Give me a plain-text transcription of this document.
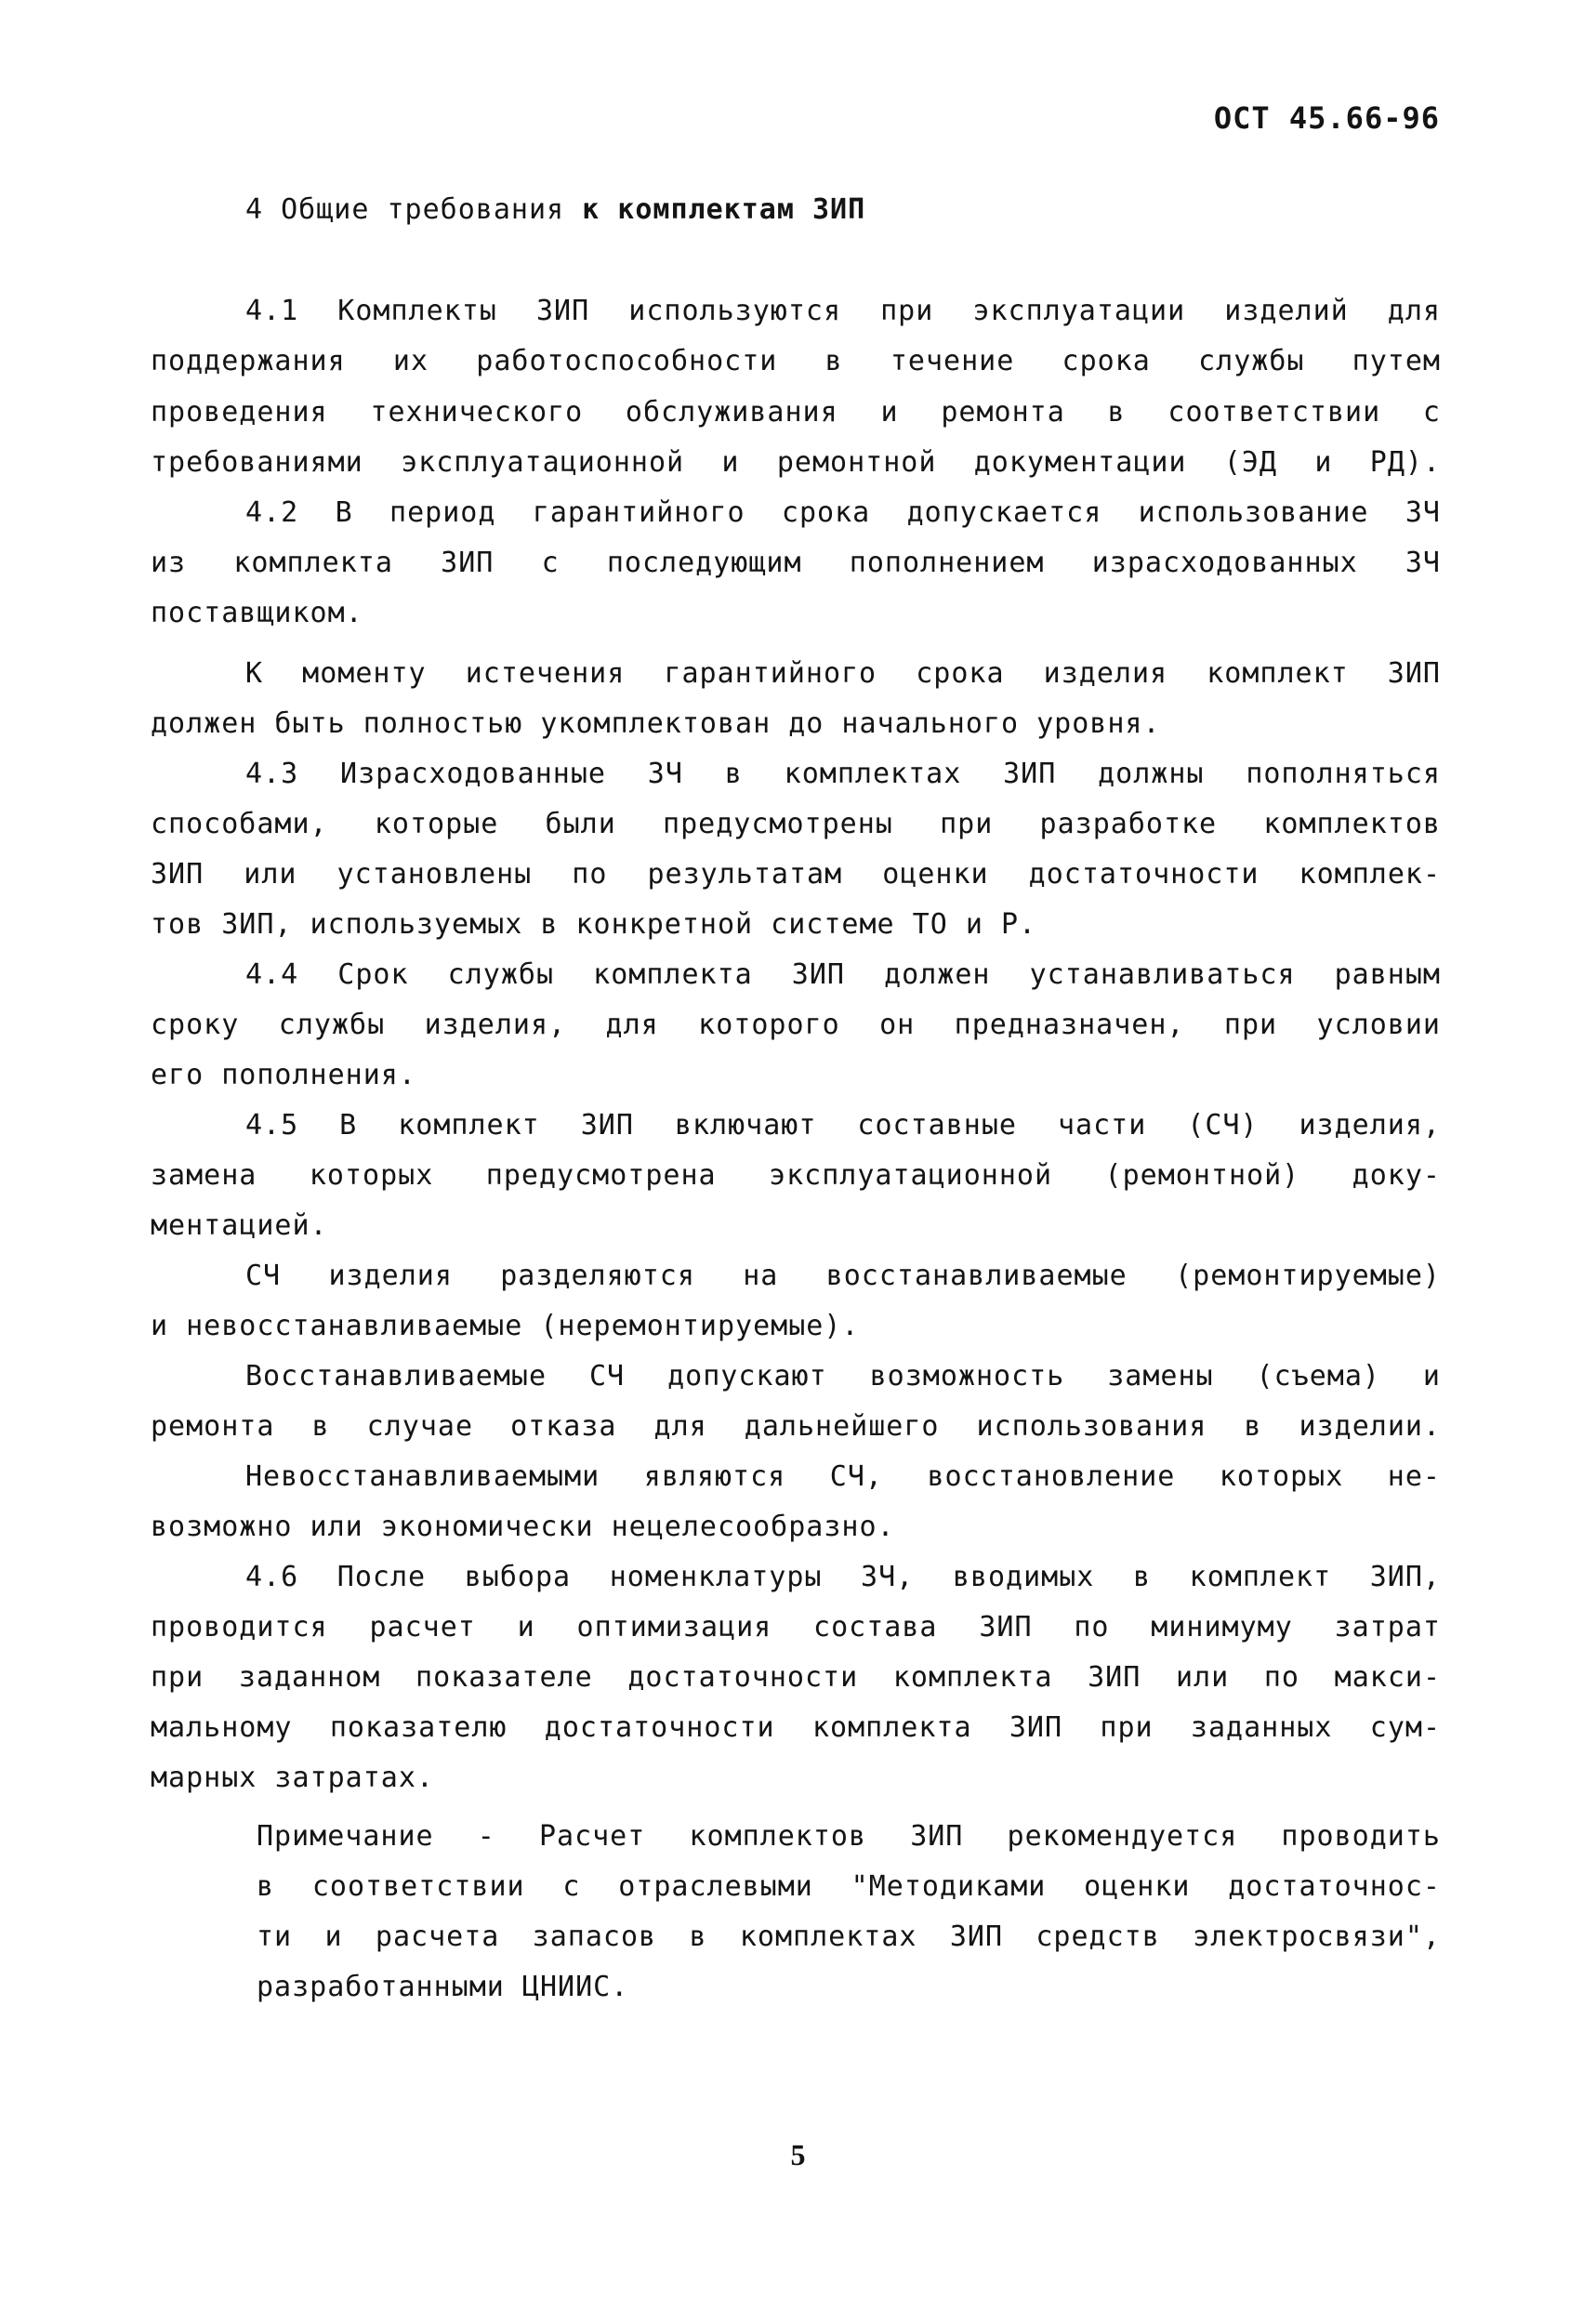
ОСТ 45.66-96
4 Общие требования к комплектам ЗИП
4.1 Комплекты ЗИП используются при эксплуатации изделий для
поддержания их работоспособности в течение срока службы путем
проведения технического обслуживания и ремонта в соответствии с
требованиями эксплуатационной и ремонтной документации (ЭД и РД).
4.2 В период гарантийного срока допускается использование ЗЧ
из комплекта ЗИП с последующим пополнением израсходованных ЗЧ
поставщиком.
К моменту истечения гарантийного срока изделия комплект ЗИП
должен быть полностью укомплектован до начального уровня.
4.3 Израсходованные ЗЧ в комплектах ЗИП должны пополняться
способами, которые были предусмотрены при разработке комплектов
ЗИП или установлены по результатам оценки достаточности комплек-
тов ЗИП, используемых в конкретной системе ТО и Р.
4.4 Срок службы комплекта ЗИП должен устанавливаться равным
сроку службы изделия, для которого он предназначен, при условии
его пополнения.
4.5 В комплект ЗИП включают составные части (СЧ) изделия,
замена которых предусмотрена эксплуатационной (ремонтной) доку-
ментацией.
СЧ изделия разделяются на восстанавливаемые (ремонтируемые)
и невосстанавливаемые (неремонтируемые).
Восстанавливаемые СЧ допускают возможность замены (съема) и
ремонта в случае отказа для дальнейшего использования в изделии.
Невосстанавливаемыми являются СЧ, восстановление которых не-
возможно или экономически нецелесообразно.
4.6 После выбора номенклатуры ЗЧ, вводимых в комплект ЗИП,
проводится расчет и оптимизация состава ЗИП по минимуму затрат
при заданном показателе достаточности комплекта ЗИП или по макси-
мальному показателю достаточности комплекта ЗИП при заданных сум-
марных затратах.
Примечание - Расчет комплектов ЗИП рекомендуется проводить
в соответствии с отраслевыми "Методиками оценки достаточнос-
ти и расчета запасов в комплектах ЗИП средств электросвязи",
разработанными ЦНИИС.
5
